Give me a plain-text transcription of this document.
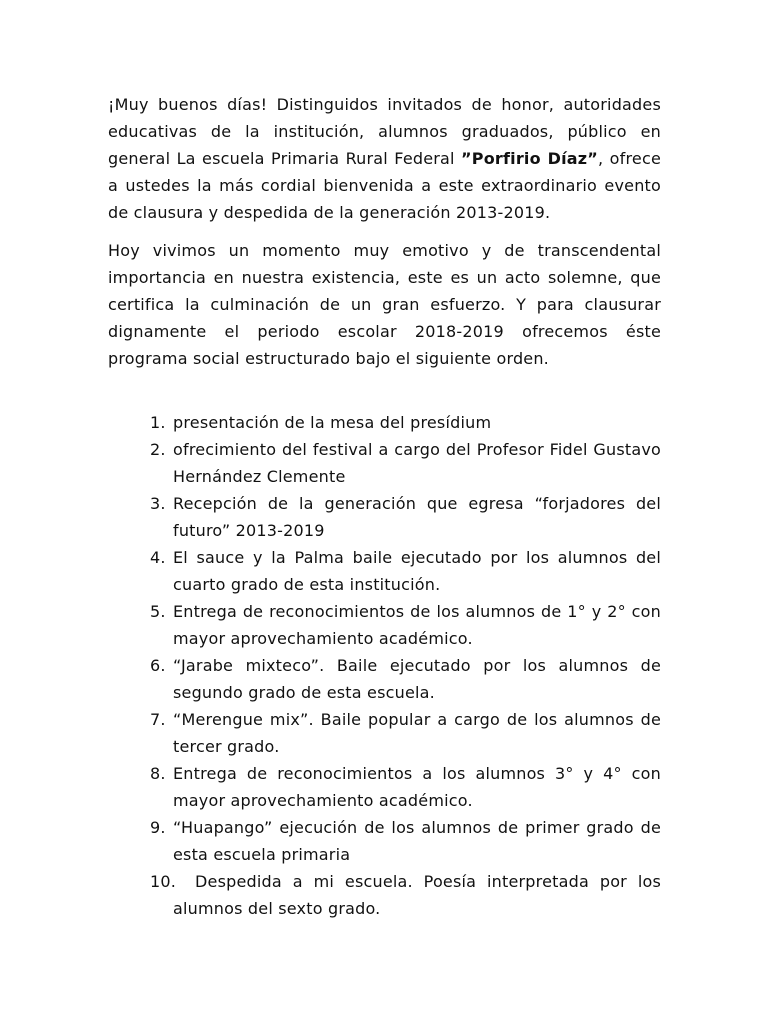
¡Muy buenos días! Distinguidos invitados de honor, autoridades educativas de la institución, alumnos graduados, público en general La escuela Primaria Rural Federal ”Porfirio Díaz”, ofrece a ustedes la más cordial bienvenida a este extraordinario evento de clausura y despedida de la generación 2013-2019.

Hoy vivimos un momento muy emotivo y de transcendental importancia en nuestra existencia, este es un acto solemne, que certifica la culminación de un gran esfuerzo. Y para clausurar dignamente el periodo escolar 2018-2019 ofrecemos éste programa social estructurado bajo el siguiente orden.

1. presentación de la mesa del presídium
2. ofrecimiento del festival a cargo del Profesor Fidel Gustavo Hernández Clemente
3. Recepción de la generación que egresa “forjadores del futuro” 2013-2019
4. El sauce y la Palma baile ejecutado por los alumnos del cuarto grado de esta institución.
5. Entrega de reconocimientos de los alumnos de 1° y 2° con mayor aprovechamiento académico.
6. “Jarabe mixteco”. Baile ejecutado por los alumnos de segundo grado de esta escuela.
7. “Merengue mix”. Baile popular a cargo de los alumnos de tercer grado.
8. Entrega de reconocimientos a los alumnos 3° y 4° con mayor aprovechamiento académico.
9. “Huapango” ejecución de los alumnos de primer grado de esta escuela primaria
10.	Despedida a mi escuela. Poesía interpretada por los alumnos del sexto grado.
